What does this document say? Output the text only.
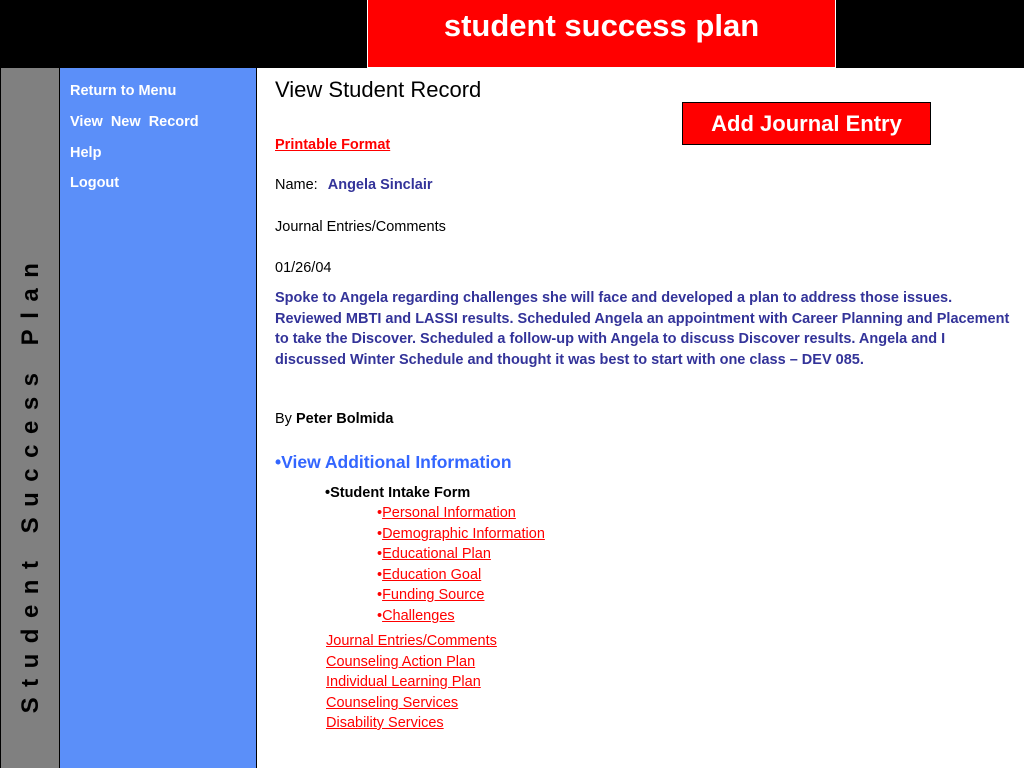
student success plan
Student Success Plan
Return to Menu
View  New  Record
Help
Logout
View Student Record
Add Journal Entry
Printable Format
Name: Angela Sinclair
Journal Entries/Comments
01/26/04
Spoke to Angela regarding challenges she will face and developed a plan to address those issues. Reviewed MBTI and LASSI results. Scheduled Angela an appointment with Career Planning and Placement to take the Discover. Scheduled a follow-up with Angela to discuss Discover results. Angela and I discussed Winter Schedule and thought it was best to start with one class – DEV 085.
By Peter Bolmida
•View Additional Information
•Student Intake Form
•Personal Information
•Demographic Information
•Educational Plan
•Education Goal
•Funding Source
•Challenges
Journal Entries/Comments
Counseling Action Plan
Individual Learning Plan
Counseling Services
Disability Services
